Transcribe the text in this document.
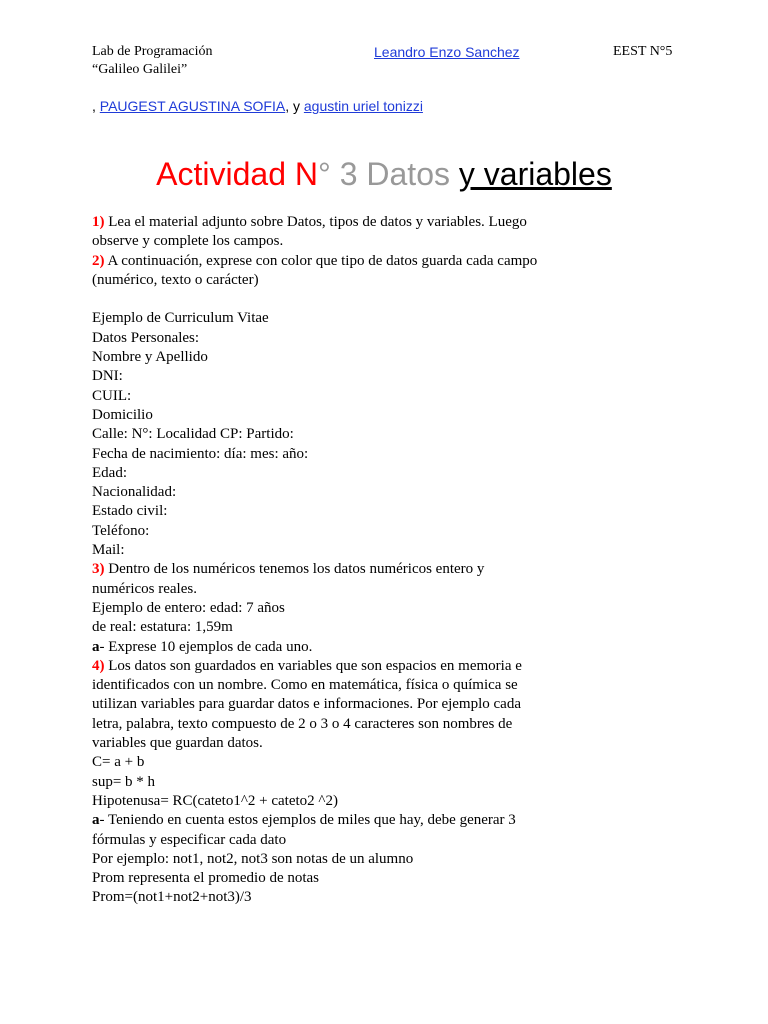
Lab de Programación
“Galileo Galilei”
Leandro Enzo Sanchez	EEST N°5
, PAUGEST AGUSTINA SOFIA, y agustin uriel tonizzi
Actividad N° 3 Datos y variables
1) Lea el material adjunto sobre Datos, tipos de datos y variables. Luego
observe y complete los campos.
2) A continuación, exprese con color que tipo de datos guarda cada campo
(numérico, texto o carácter)
Ejemplo de Curriculum Vitae
Datos Personales:
Nombre y Apellido
DNI:
CUIL:
Domicilio
Calle: N°: Localidad CP: Partido:
Fecha de nacimiento: día: mes: año:
Edad:
Nacionalidad:
Estado civil:
Teléfono:
Mail:
3) Dentro de los numéricos tenemos los datos numéricos entero y
numéricos reales.
Ejemplo de entero: edad: 7 años
de real: estatura: 1,59m
a- Exprese 10 ejemplos de cada uno.
4) Los datos son guardados en variables que son espacios en memoria e
identificados con un nombre. Como en matemática, física o química se
utilizan variables para guardar datos e informaciones. Por ejemplo cada
letra, palabra, texto compuesto de 2 o 3 o 4 caracteres son nombres de
variables que guardan datos.
C= a + b
sup= b * h
Hipotenusa= RC(cateto1^2 + cateto2 ^2)
a- Teniendo en cuenta estos ejemplos de miles que hay, debe generar 3
fórmulas y especificar cada dato
Por ejemplo: not1, not2, not3 son notas de un alumno
Prom representa el promedio de notas
Prom=(not1+not2+not3)/3
